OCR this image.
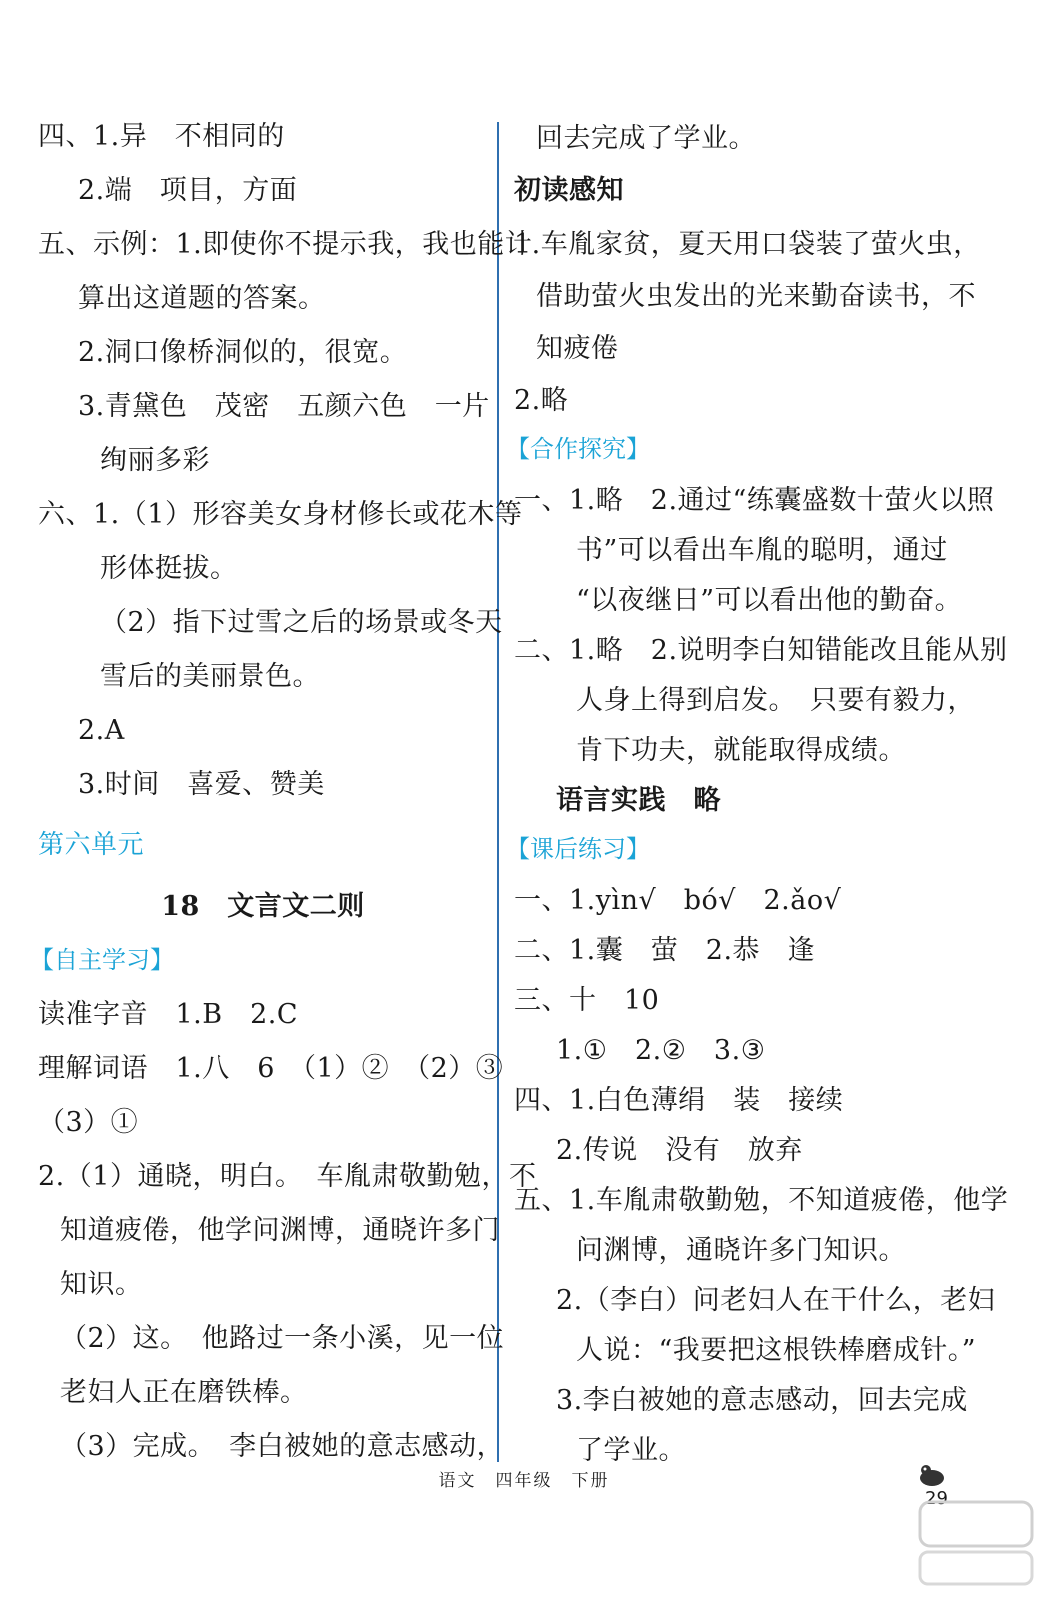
四、1.异　不相同的
2.端　项目，方面
五、示例：1.即使你不提示我，我也能计
算出这道题的答案。
2.洞口像桥洞似的，很宽。
3.青黛色　茂密　五颜六色　一片
绚丽多彩
六、1.（1）形容美女身材修长或花木等
形体挺拔。
（2）指下过雪之后的场景或冬天
雪后的美丽景色。
2.A
3.时间　喜爱、赞美
第六单元
18　文言文二则
【自主学习】
读准字音　1.B　2.C
理解词语　1.八　6　（1）②　（2）③
（3）①
2.（1）通晓，明白。　车胤肃敬勤勉，不
知道疲倦，他学问渊博，通晓许多门
知识。
（2）这。　他路过一条小溪，见一位
老妇人正在磨铁棒。
（3）完成。　李白被她的意志感动，
回去完成了学业。
初读感知
1.车胤家贫，夏天用口袋装了萤火虫，
借助萤火虫发出的光来勤奋读书，不
知疲倦
2.略
【合作探究】
一、1.略　2.通过“练囊盛数十萤火以照
书”可以看出车胤的聪明，通过
“以夜继日”可以看出他的勤奋。
二、1.略　2.说明李白知错能改且能从别
人身上得到启发。　只要有毅力，
肯下功夫，就能取得成绩。
语言实践　略
【课后练习】
一、1.yìn√　bó√　2.ǎo√
二、1.囊　萤　2.恭　逢
三、十　10
1.①　2.②　3.③
四、1.白色薄绢　装　接续
2.传说　没有　放弃
五、1.车胤肃敬勤勉，不知道疲倦，他学
问渊博，通晓许多门知识。
2.（李白）问老妇人在干什么，老妇
人说：“我要把这根铁棒磨成针。”
3.李白被她的意志感动，回去完成
了学业。
语文　四年级　下册
29
